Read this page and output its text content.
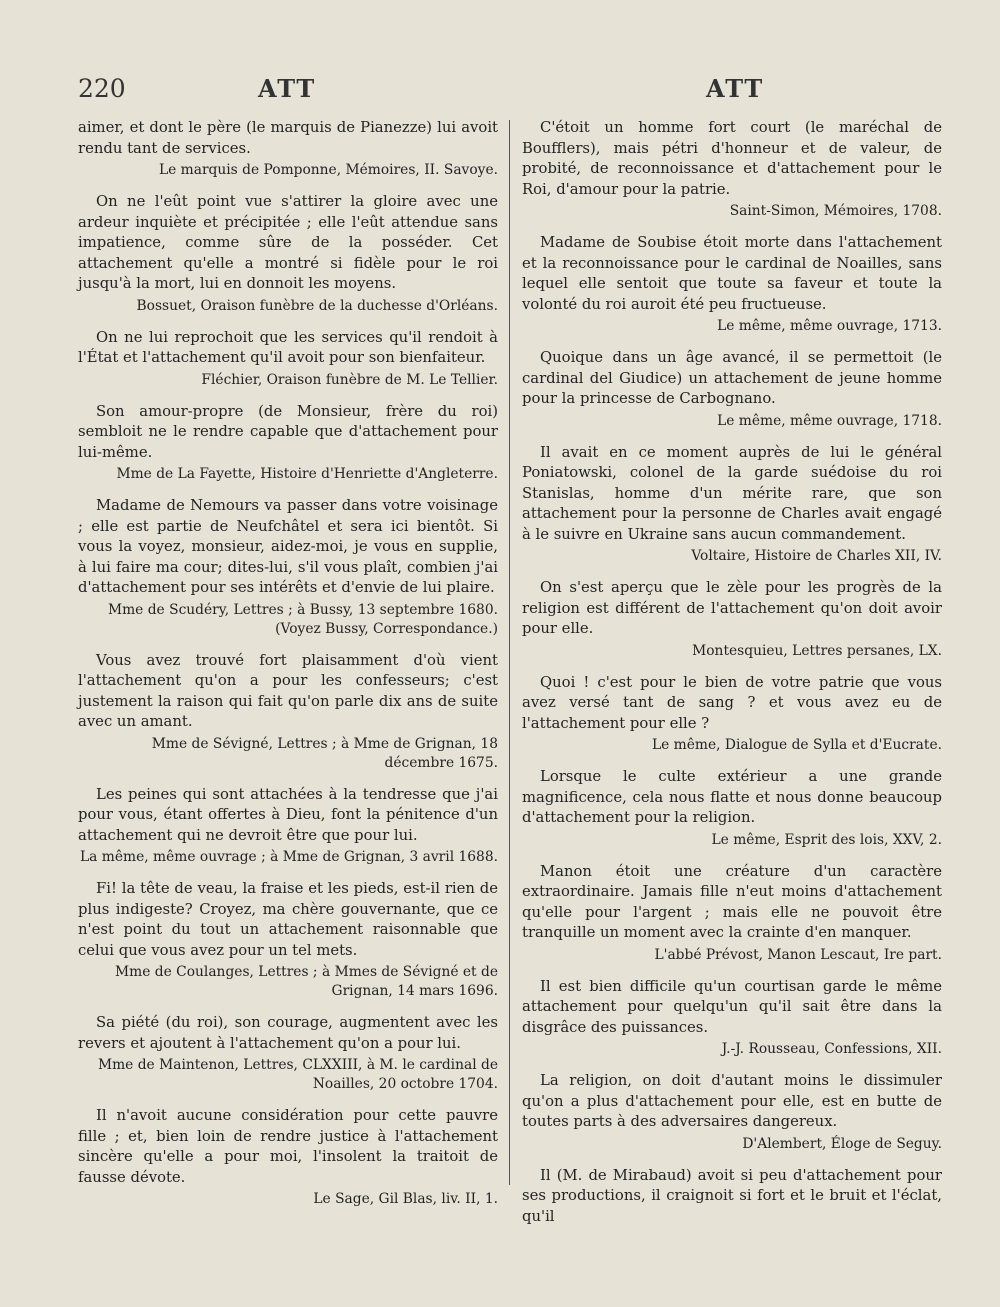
220	ATT	ATT

aimer, et dont le père (le marquis de Pianezze) lui avoit rendu tant de services.

Le marquis de Pomponne, Mémoires, II. Savoye.

On ne l'eût point vue s'attirer la gloire avec une ardeur inquiète et précipitée ; elle l'eût attendue sans impatience, comme sûre de la posséder. Cet attachement qu'elle a montré si fidèle pour le roi jusqu'à la mort, lui en donnoit les moyens.

Bossuet, Oraison funèbre de la duchesse d'Orléans.

On ne lui reprochoit que les services qu'il rendoit à l'État et l'attachement qu'il avoit pour son bienfaiteur.

Fléchier, Oraison funèbre de M. Le Tellier.

Son amour-propre (de Monsieur, frère du roi) sembloit ne le rendre capable que d'attachement pour lui-même.

Mme de La Fayette, Histoire d'Henriette d'Angleterre.

Madame de Nemours va passer dans votre voisinage ; elle est partie de Neufchâtel et sera ici bientôt. Si vous la voyez, monsieur, aidez-moi, je vous en supplie, à lui faire ma cour; dites-lui, s'il vous plaît, combien j'ai d'attachement pour ses intérêts et d'envie de lui plaire.

Mme de Scudéry, Lettres ; à Bussy, 13 septembre 1680. (Voyez Bussy, Correspondance.)

Vous avez trouvé fort plaisamment d'où vient l'attachement qu'on a pour les confesseurs; c'est justement la raison qui fait qu'on parle dix ans de suite avec un amant.

Mme de Sévigné, Lettres ; à Mme de Grignan, 18 décembre 1675.

Les peines qui sont attachées à la tendresse que j'ai pour vous, étant offertes à Dieu, font la pénitence d'un attachement qui ne devroit être que pour lui.

La même, même ouvrage ; à Mme de Grignan, 3 avril 1688.

Fi! la tête de veau, la fraise et les pieds, est-il rien de plus indigeste? Croyez, ma chère gouvernante, que ce n'est point du tout un attachement raisonnable que celui que vous avez pour un tel mets.

Mme de Coulanges, Lettres ; à Mmes de Sévigné et de Grignan, 14 mars 1696.

Sa piété (du roi), son courage, augmentent avec les revers et ajoutent à l'attachement qu'on a pour lui.

Mme de Maintenon, Lettres, CLXXIII, à M. le cardinal de Noailles, 20 octobre 1704.

Il n'avoit aucune considération pour cette pauvre fille ; et, bien loin de rendre justice à l'attachement sincère qu'elle a pour moi, l'insolent la traitoit de fausse dévote.

Le Sage, Gil Blas, liv. II, 1.

C'étoit un homme fort court (le maréchal de Boufflers), mais pétri d'honneur et de valeur, de probité, de reconnoissance et d'attachement pour le Roi, d'amour pour la patrie.

Saint-Simon, Mémoires, 1708.

Madame de Soubise étoit morte dans l'attachement et la reconnoissance pour le cardinal de Noailles, sans lequel elle sentoit que toute sa faveur et toute la volonté du roi auroit été peu fructueuse.

Le même, même ouvrage, 1713.

Quoique dans un âge avancé, il se permettoit (le cardinal del Giudice) un attachement de jeune homme pour la princesse de Carbognano.

Le même, même ouvrage, 1718.

Il avait en ce moment auprès de lui le général Poniatowski, colonel de la garde suédoise du roi Stanislas, homme d'un mérite rare, que son attachement pour la personne de Charles avait engagé à le suivre en Ukraine sans aucun commandement.

Voltaire, Histoire de Charles XII, IV.

On s'est aperçu que le zèle pour les progrès de la religion est différent de l'attachement qu'on doit avoir pour elle.

Montesquieu, Lettres persanes, LX.

Quoi ! c'est pour le bien de votre patrie que vous avez versé tant de sang ? et vous avez eu de l'attachement pour elle ?

Le même, Dialogue de Sylla et d'Eucrate.

Lorsque le culte extérieur a une grande magnificence, cela nous flatte et nous donne beaucoup d'attachement pour la religion.

Le même, Esprit des lois, XXV, 2.

Manon étoit une créature d'un caractère extraordinaire. Jamais fille n'eut moins d'attachement qu'elle pour l'argent ; mais elle ne pouvoit être tranquille un moment avec la crainte d'en manquer.

L'abbé Prévost, Manon Lescaut, Ire part.

Il est bien difficile qu'un courtisan garde le même attachement pour quelqu'un qu'il sait être dans la disgrâce des puissances.

J.-J. Rousseau, Confessions, XII.

La religion, on doit d'autant moins le dissimuler qu'on a plus d'attachement pour elle, est en butte de toutes parts à des adversaires dangereux.

D'Alembert, Éloge de Seguy.

Il (M. de Mirabaud) avoit si peu d'attachement pour ses productions, il craignoit si fort et le bruit et l'éclat, qu'il
